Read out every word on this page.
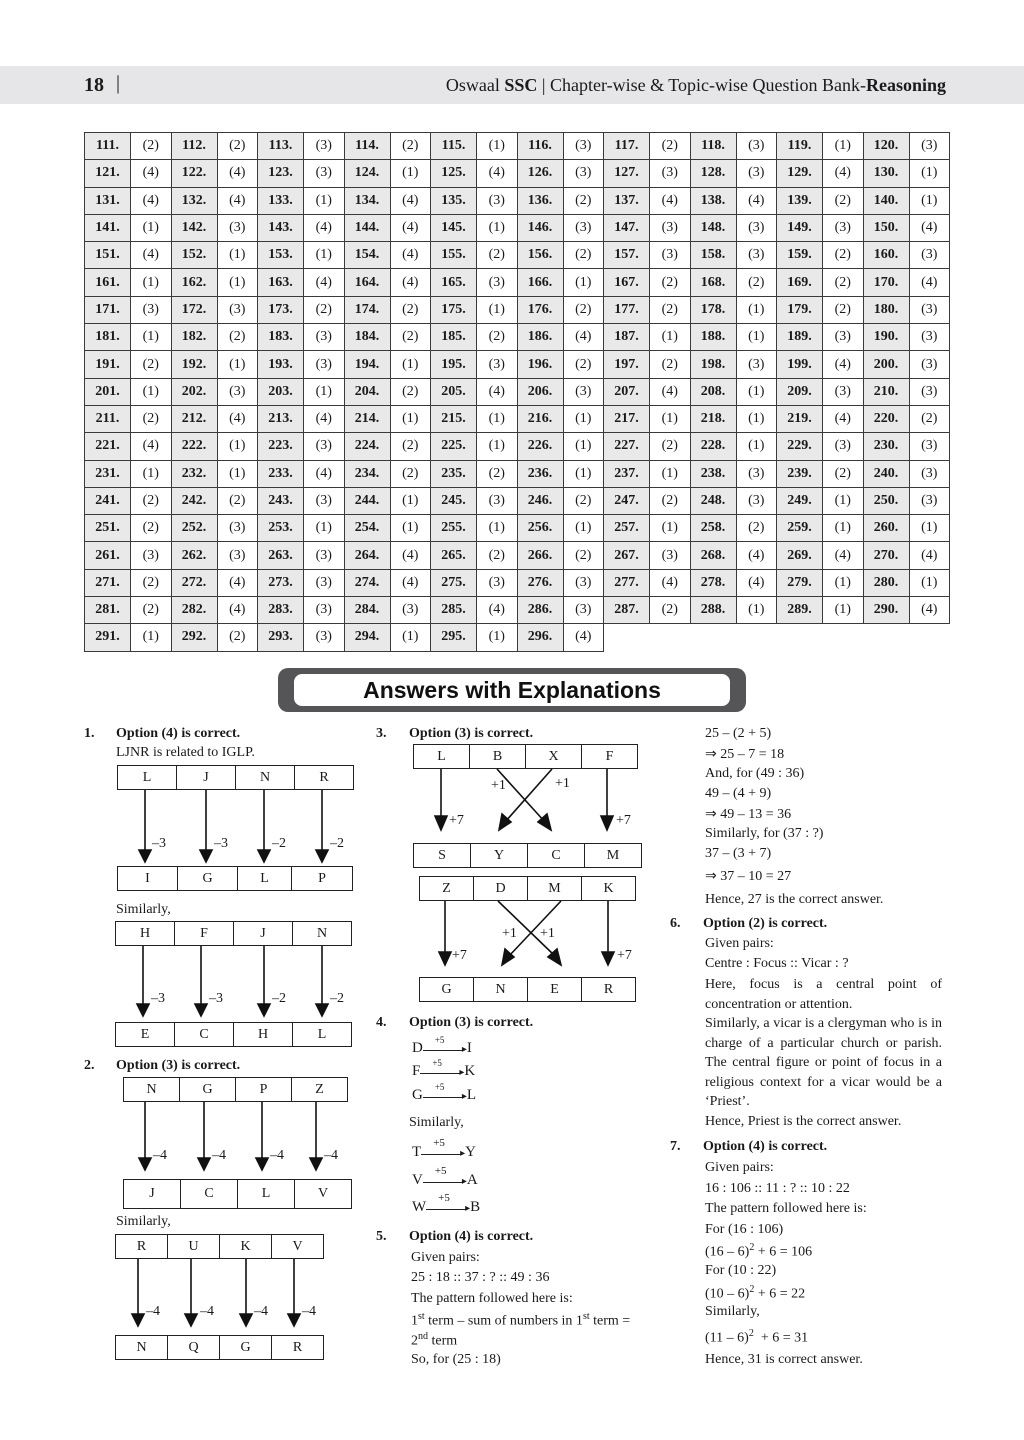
18 |	Oswaal SSC | Chapter-wise & Topic-wise Question Bank-Reasoning
111.	(2)	112.	(2)	113.	(3)	114.	(2)	115.	(1)	116.	(3)	117.	(2)	118.	(3)	119.	(1)	120.	(3)
121.	(4)	122.	(4)	123.	(3)	124.	(1)	125.	(4)	126.	(3)	127.	(3)	128.	(3)	129.	(4)	130.	(1)
131.	(4)	132.	(4)	133.	(1)	134.	(4)	135.	(3)	136.	(2)	137.	(4)	138.	(4)	139.	(2)	140.	(1)
141.	(1)	142.	(3)	143.	(4)	144.	(4)	145.	(1)	146.	(3)	147.	(3)	148.	(3)	149.	(3)	150.	(4)
151.	(4)	152.	(1)	153.	(1)	154.	(4)	155.	(2)	156.	(2)	157.	(3)	158.	(3)	159.	(2)	160.	(3)
161.	(1)	162.	(1)	163.	(4)	164.	(4)	165.	(3)	166.	(1)	167.	(2)	168.	(2)	169.	(2)	170.	(4)
171.	(3)	172.	(3)	173.	(2)	174.	(2)	175.	(1)	176.	(2)	177.	(2)	178.	(1)	179.	(2)	180.	(3)
181.	(1)	182.	(2)	183.	(3)	184.	(2)	185.	(2)	186.	(4)	187.	(1)	188.	(1)	189.	(3)	190.	(3)
191.	(2)	192.	(1)	193.	(3)	194.	(1)	195.	(3)	196.	(2)	197.	(2)	198.	(3)	199.	(4)	200.	(3)
201.	(1)	202.	(3)	203.	(1)	204.	(2)	205.	(4)	206.	(3)	207.	(4)	208.	(1)	209.	(3)	210.	(3)
211.	(2)	212.	(4)	213.	(4)	214.	(1)	215.	(1)	216.	(1)	217.	(1)	218.	(1)	219.	(4)	220.	(2)
221.	(4)	222.	(1)	223.	(3)	224.	(2)	225.	(1)	226.	(1)	227.	(2)	228.	(1)	229.	(3)	230.	(3)
231.	(1)	232.	(1)	233.	(4)	234.	(2)	235.	(2)	236.	(1)	237.	(1)	238.	(3)	239.	(2)	240.	(3)
241.	(2)	242.	(2)	243.	(3)	244.	(1)	245.	(3)	246.	(2)	247.	(2)	248.	(3)	249.	(1)	250.	(3)
251.	(2)	252.	(3)	253.	(1)	254.	(1)	255.	(1)	256.	(1)	257.	(1)	258.	(2)	259.	(1)	260.	(1)
261.	(3)	262.	(3)	263.	(3)	264.	(4)	265.	(2)	266.	(2)	267.	(3)	268.	(4)	269.	(4)	270.	(4)
271.	(2)	272.	(4)	273.	(3)	274.	(4)	275.	(3)	276.	(3)	277.	(4)	278.	(4)	279.	(1)	280.	(1)
281.	(2)	282.	(4)	283.	(3)	284.	(3)	285.	(4)	286.	(3)	287.	(2)	288.	(1)	289.	(1)	290.	(4)
291.	(1)	292.	(2)	293.	(3)	294.	(1)	295.	(1)	296.	(4)								
Answers with Explanations
1. Option (4) is correct.
LJNR is related to IGLP.
L	J	N	R
–3	–3	–2	–2
I	G	L	P
Similarly,
H	F	J	N
–3	–3	–2	–2
E	C	H	L
2. Option (3) is correct.
N	G	P	Z
–4	–4	–4	–4
J	C	L	V
Similarly,
R	U	K	V
–4	–4	–4 –4
N	Q	G	R
3. Option (3) is correct.
L	B	X	F
+7
+1	+1
+7
S	Y	C	M
Z	D	M	K
+7
+1 +1
+7
G	N	E	R
4. Option (3) is correct.
D
+5
▸ I
F
+5
▸ K
G
+5
▸ L
Similarly,
T
+5
▸ Y
V
+5
▸ A
W
+5
▸ B
5. Option (4) is correct.
Given pairs:
25 : 18 :: 37 : ? :: 49 : 36
The pattern followed here is:
1st term – sum of numbers in 1st term =
2nd term
So, for (25 : 18)
25 – (2 + 5)
⇒ 25 – 7 = 18
And, for (49 : 36)
49 – (4 + 9)
⇒ 49 – 13 = 36
Similarly, for (37 : ?)
37 – (3 + 7)
⇒ 37 – 10 = 27
Hence, 27 is the correct answer.
6. Option (2) is correct.
Given pairs:
Centre : Focus :: Vicar : ?
Here, focus is a central point of concentration or attention.
Similarly, a vicar is a clergyman who is in charge of a particular church or parish. The central figure or point of focus in a religious context for a vicar would be a ‘Priest’.
Hence, Priest is the correct answer.
7. Option (4) is correct.
Given pairs:
16 : 106 :: 11 : ? :: 10 : 22
The pattern followed here is:
For (16 : 106)
(16 – 6)$^2$ + 6 = 106
For (10 : 22)
(10 – 6)$^2$ + 6 = 22
Similarly,
(11 – 6)$^2$  + 6 = 31
Hence, 31 is correct answer.
